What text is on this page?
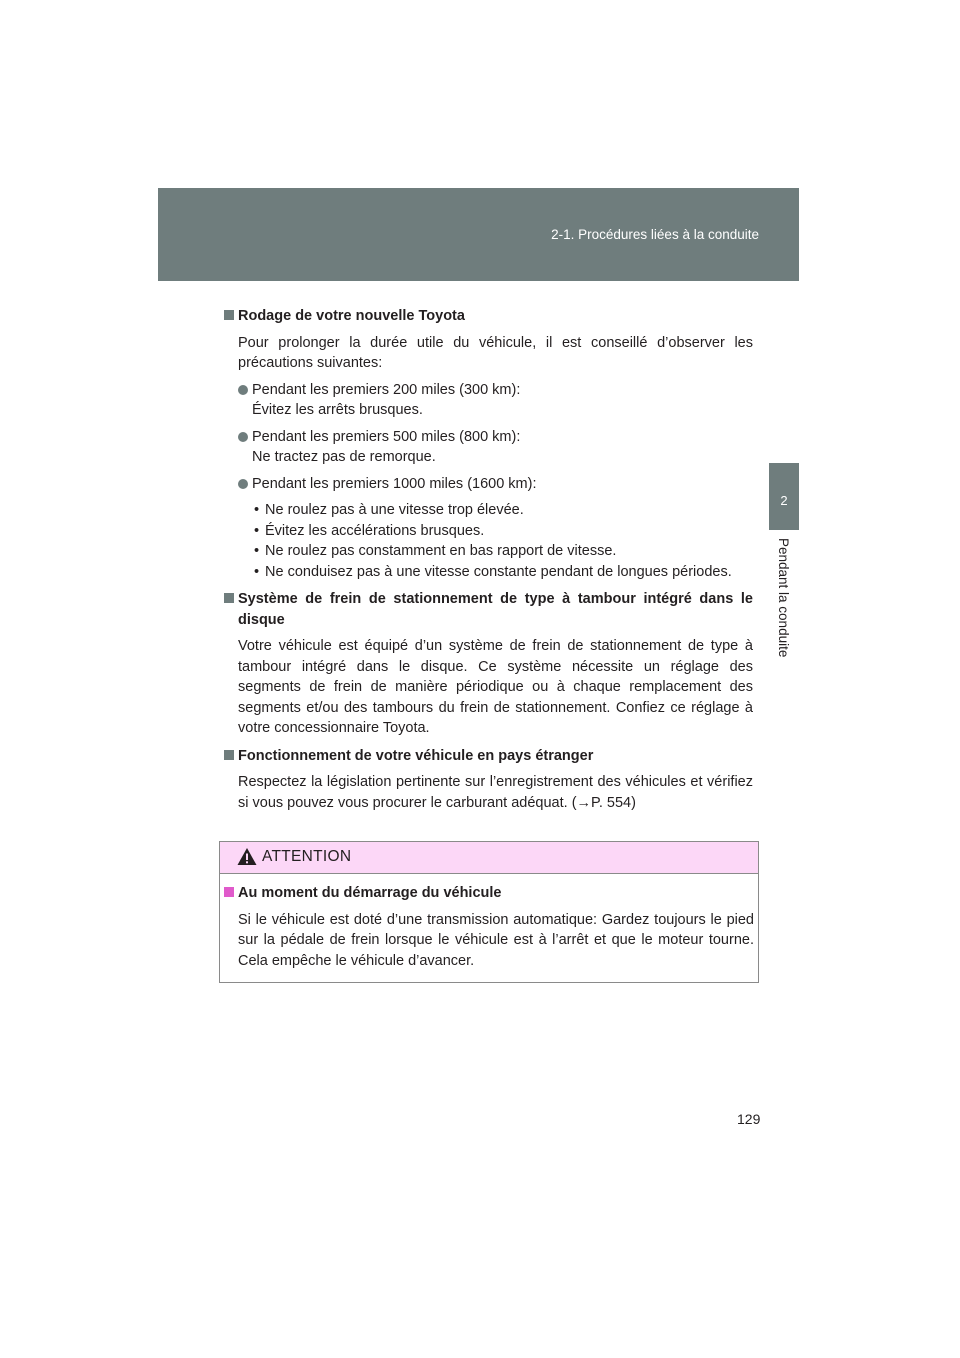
2-1. Procédures liées à la conduite
2
Pendant la conduite
Rodage de votre nouvelle Toyota
Pour prolonger la durée utile du véhicule, il est conseillé d’observer les précautions suivantes:
Pendant les premiers 200 miles (300 km):
Évitez les arrêts brusques.
Pendant les premiers 500 miles (800 km):
Ne tractez pas de remorque.
Pendant les premiers 1000 miles (1600 km):
• Ne roulez pas à une vitesse trop élevée.
• Évitez les accélérations brusques.
• Ne roulez pas constamment en bas rapport de vitesse.
• Ne conduisez pas à une vitesse constante pendant de longues périodes.
Système de frein de stationnement de type à tambour intégré dans le disque
Votre véhicule est équipé d’un système de frein de stationnement de type à tambour intégré dans le disque. Ce système nécessite un réglage des segments de frein de manière périodique ou à chaque remplacement des segments et/ou des tambours du frein de stationnement. Confiez ce réglage à votre concessionnaire Toyota.
Fonctionnement de votre véhicule en pays étranger
Respectez la législation pertinente sur l’enregistrement des véhicules et vérifiez si vous pouvez vous procurer le carburant adéquat. (→P. 554)
ATTENTION
Au moment du démarrage du véhicule
Si le véhicule est doté d’une transmission automatique: Gardez toujours le pied sur la pédale de frein lorsque le véhicule est à l’arrêt et que le moteur tourne. Cela empêche le véhicule d’avancer.
129
